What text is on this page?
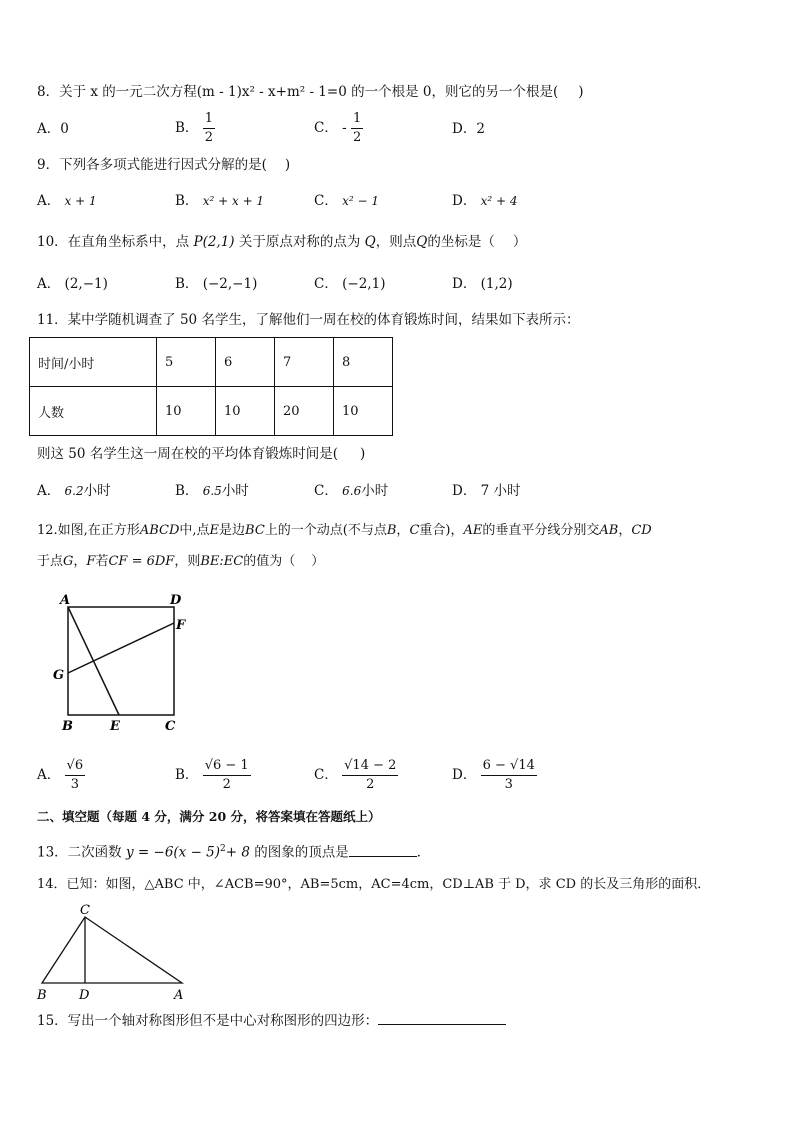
8．关于 x 的一元二次方程(m - 1)x² - x+m² - 1=0 的一个根是 0，则它的另一个根是( )
A．0	B． $\frac{1}{2}$	C． - $\frac{1}{2}$	D．2
9．下列各多项式能进行因式分解的是( )
A． x + 1	B． x² + x + 1	C． x² − 1	D． x² + 4
10．在直角坐标系中，点 P(2,1) 关于原点对称的点为 Q，则点Q的坐标是（ ）
A． (2,−1)	B． (−2,−1)	C． (−2,1)	D． (1,2)
11．某中学随机调查了 50 名学生，了解他们一周在校的体育锻炼时间，结果如下表所示：
时间/小时	5	6	7	8
人数	10	10	20	10
则这 50 名学生这一周在校的平均体育锻炼时间是( )
A． 6.2小时	B． 6.5小时	C． 6.6小时	D． 7 小时
12.如图,在正方形ABCD中,点E是边BC上的一个动点(不与点B，C重合)，AE的垂直平分线分别交AB，CD
于点G，F若CF = 6DF，则BE:EC的值为（ ）
A	D
F
G
B	E	C
A． $\frac{√6}{3}$	B． $\frac{√6 - 1}{2}$	C． $\frac{√14 - 2}{2}$	D． $\frac{6 - √14}{3}$
二、填空题（每题 4 分，满分 20 分，将答案填在答题纸上）
13．二次函数 $y = -6(x - 5)^2+ 8$ 的图象的顶点是	．
14．已知：如图，△ABC 中，∠ACB=90°，AB=5cm，AC=4cm，CD⊥AB 于 D，求 CD 的长及三角形的面积．
C
B D	A
15．写出一个轴对称图形但不是中心对称图形的四边形：
